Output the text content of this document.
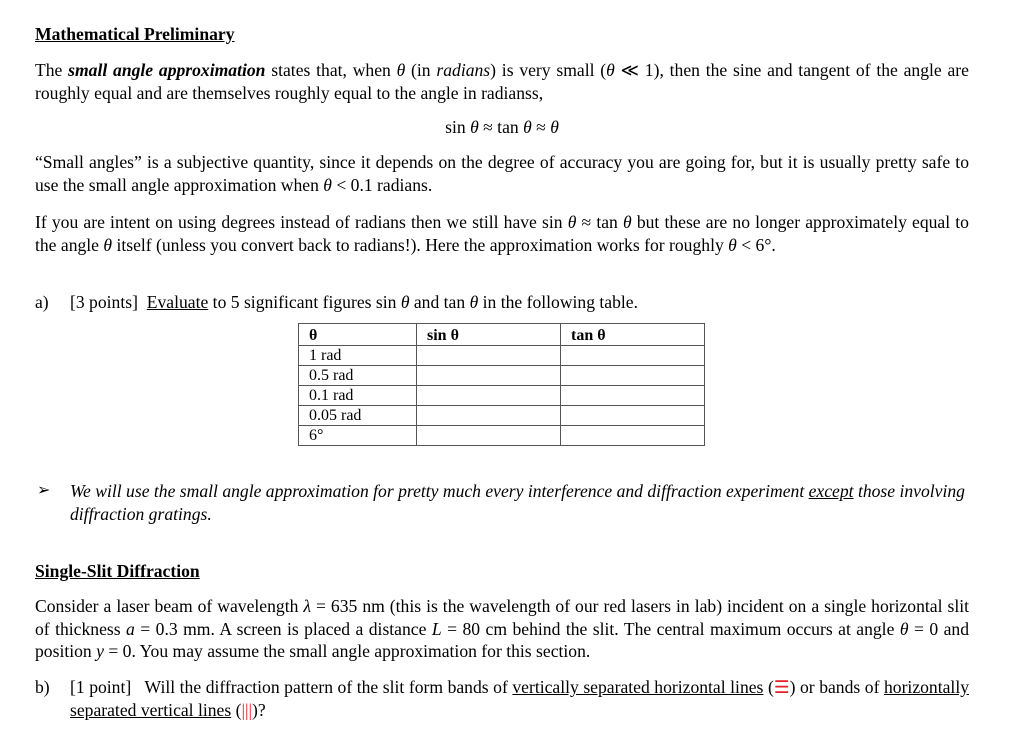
Mathematical Preliminary
The small angle approximation states that, when θ (in radians) is very small (θ ≪ 1), then the sine and tangent of the angle are roughly equal and are themselves roughly equal to the angle in radianss,
sin θ ≈ tan θ ≈ θ
“Small angles” is a subjective quantity, since it depends on the degree of accuracy you are going for, but it is usually pretty safe to use the small angle approximation when θ < 0.1 radians.
If you are intent on using degrees instead of radians then we still have sin θ ≈ tan θ but these are no longer approximately equal to the angle θ itself (unless you convert back to radians!). Here the approximation works for roughly θ < 6°.
a)	[3 points] Evaluate to 5 significant figures sin θ and tan θ in the following table.
θ	sin θ	tan θ
1 rad		
0.5 rad		
0.1 rad		
0.05 rad		
6°		
➢ We will use the small angle approximation for pretty much every interference and diffraction experiment except those involving diffraction gratings.
Single-Slit Diffraction
Consider a laser beam of wavelength λ = 635 nm (this is the wavelength of our red lasers in lab) incident on a single horizontal slit of thickness a = 0.3 mm. A screen is placed a distance L = 80 cm behind the slit. The central maximum occurs at angle θ = 0 and position y = 0. You may assume the small angle approximation for this section.
b)	[1 point] Will the diffraction pattern of the slit form bands of vertically separated horizontal lines (☰) or bands of horizontally separated vertical lines (|||)?
